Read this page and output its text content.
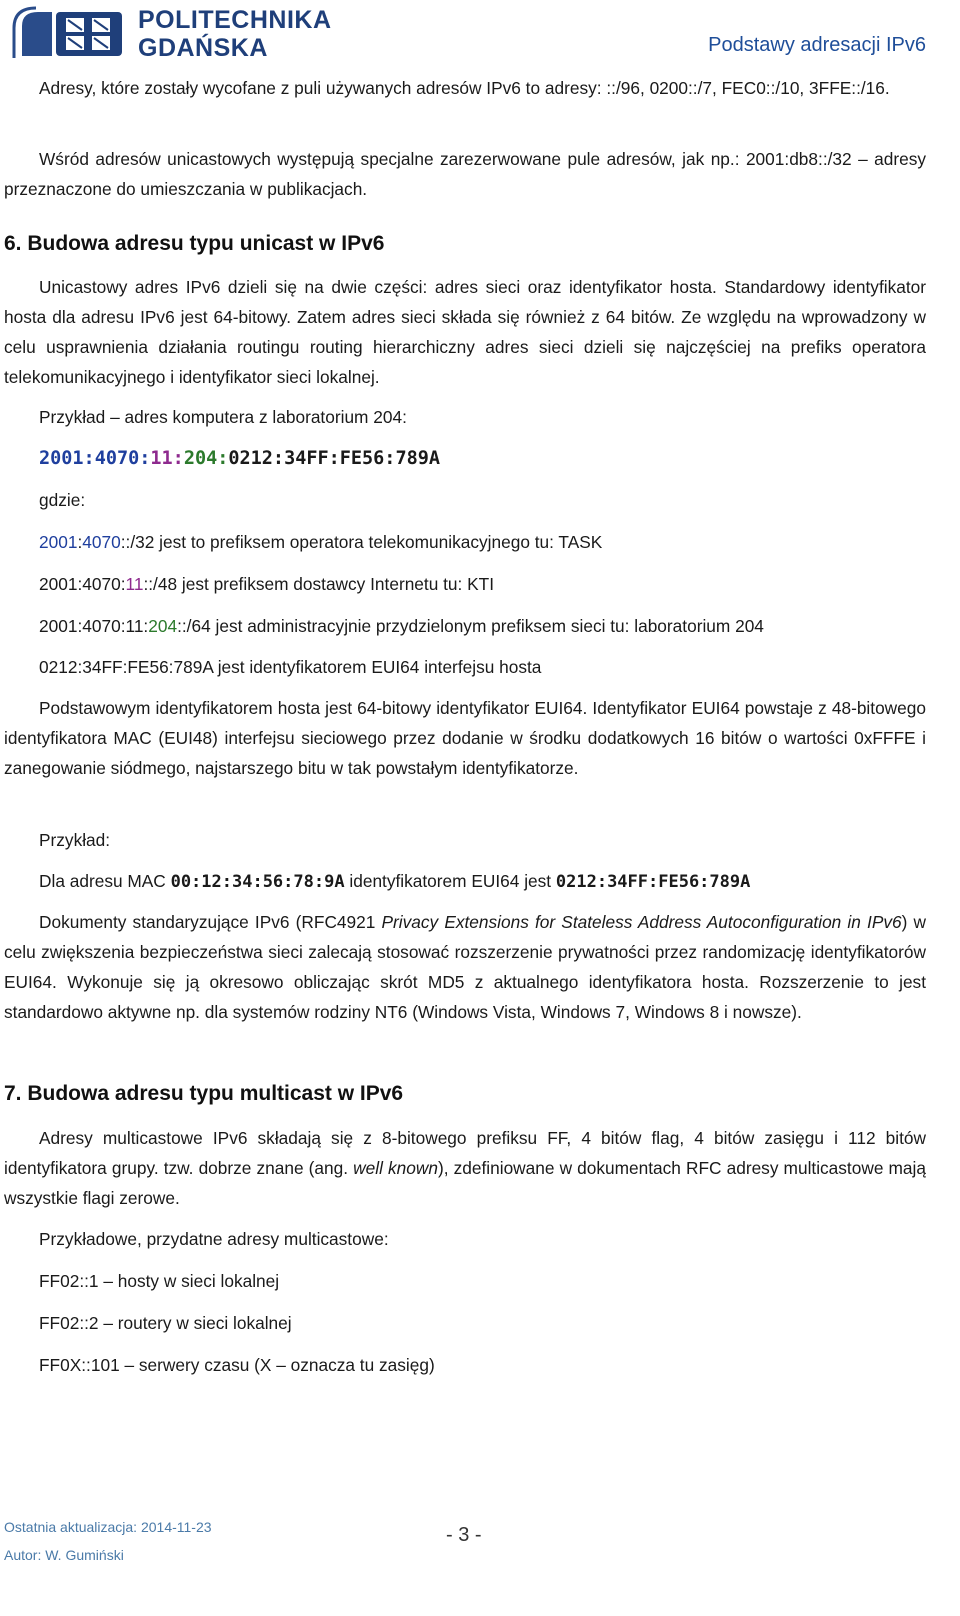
POLITECHNIKA
GDAŃSKA	Podstawy adresacji IPv6

Adresy, które zostały wycofane z puli używanych adresów IPv6 to adresy: ::/96, 0200::/7, FEC0::/10, 3FFE::/16.

Wśród adresów unicastowych występują specjalne zarezerwowane pule adresów, jak np.: 2001:db8::/32 – adresy przeznaczone do umieszczania w publikacjach.

6. Budowa adresu typu unicast w IPv6

Unicastowy adres IPv6 dzieli się na dwie części: adres sieci oraz identyfikator hosta. Standardowy identyfikator hosta dla adresu IPv6 jest 64-bitowy. Zatem adres sieci składa się również z 64 bitów. Ze względu na wprowadzony w celu usprawnienia działania routingu routing hierarchiczny adres sieci dzieli się najczęściej na prefiks operatora telekomunikacyjnego i identyfikator sieci lokalnej.

Przykład – adres komputera z laboratorium 204:
2001:4070:11:204:0212:34FF:FE56:789A
gdzie:
2001:4070::/32 jest to prefiksem operatora telekomunikacyjnego tu: TASK
2001:4070:11::/48 jest prefiksem dostawcy Internetu tu: KTI
2001:4070:11:204::/64 jest administracyjnie przydzielonym prefiksem sieci tu: laboratorium 204
0212:34FF:FE56:789A jest identyfikatorem EUI64 interfejsu hosta

Podstawowym identyfikatorem hosta jest 64-bitowy identyfikator EUI64. Identyfikator EUI64 powstaje z 48-bitowego identyfikatora MAC (EUI48) interfejsu sieciowego przez dodanie w środku dodatkowych 16 bitów o wartości 0xFFFE i zanegowanie siódmego, najstarszego bitu w tak powstałym identyfikatorze.

Przykład:
Dla adresu MAC 00:12:34:56:78:9A identyfikatorem EUI64 jest 0212:34FF:FE56:789A

Dokumenty standaryzujące IPv6 (RFC4921 Privacy Extensions for Stateless Address Autoconfiguration in IPv6) w celu zwiększenia bezpieczeństwa sieci zalecają stosować rozszerzenie prywatności przez randomizację identyfikatorów EUI64. Wykonuje się ją okresowo obliczając skrót MD5 z aktualnego identyfikatora hosta. Rozszerzenie to jest standardowo aktywne np. dla systemów rodziny NT6 (Windows Vista, Windows 7, Windows 8 i nowsze).

7. Budowa adresu typu multicast w IPv6

Adresy multicastowe IPv6 składają się z 8-bitowego prefiksu FF, 4 bitów flag, 4 bitów zasięgu i 112 bitów identyfikatora grupy. tzw. dobrze znane (ang. well known), zdefiniowane w dokumentach RFC adresy multicastowe mają wszystkie flagi zerowe.

Przykładowe, przydatne adresy multicastowe:
FF02::1 – hosty w sieci lokalnej
FF02::2 – routery w sieci lokalnej
FF0X::101 – serwery czasu (X – oznacza tu zasięg)
Ostatnia aktualizacja: 2014-11-23	- 3 -
Autor: W. Gumiński
